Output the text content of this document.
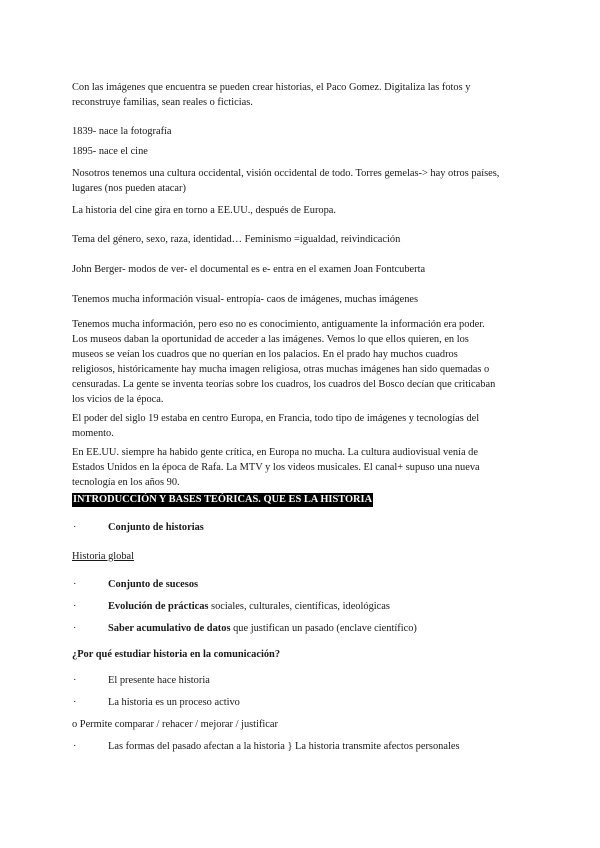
Con las imágenes que encuentra se pueden crear historias, el Paco Gomez. Digitaliza las fotos y
reconstruye familias, sean reales o ficticias.

1839- nace la fotografía

1895- nace el cine

Nosotros tenemos una cultura occidental, visión occidental de todo. Torres gemelas-> hay otros países,
lugares (nos pueden atacar)

La historia del cine gira en torno a EE.UU., después de Europa.

Tema del género, sexo, raza, identidad… Feminismo =igualdad, reivindicación

John Berger- modos de ver- el documental es e- entra en el examen Joan Fontcuberta

Tenemos mucha información visual- entropía- caos de imágenes, muchas imágenes

Tenemos mucha información, pero eso no es conocimiento, antiguamente la información era poder.
Los museos daban la oportunidad de acceder a las imágenes. Vemos lo que ellos quieren, en los
museos se veían los cuadros que no querían en los palacios. En el prado hay muchos cuadros
religiosos, históricamente hay mucha imagen religiosa, otras muchas imágenes han sido quemadas o
censuradas. La gente se inventa teorías sobre los cuadros, los cuadros del Bosco decían que criticaban
los vicios de la época.

El poder del siglo 19 estaba en centro Europa, en Francia, todo tipo de imágenes y tecnologías del
momento.

En EE.UU. siempre ha habido gente crítica, en Europa no mucha. La cultura audiovisual venía de
Estados Unidos en la época de Rafa. La MTV y los videos musicales. El canal+ supuso una nueva
tecnología en los años 90.

INTRODUCCIÓN Y BASES TEÓRICAS. QUE ES LA HISTORIA
·	Conjunto de historias
Historia global
·	Conjunto de sucesos
·	Evolución de prácticas sociales, culturales, científicas, ideológicas
·	Saber acumulativo de datos que justifican un pasado (enclave científico)
¿Por qué estudiar historia en la comunicación?
·	El presente hace historia
·	La historia es un proceso activo
o Permite comparar / rehacer / mejorar / justificar
·	Las formas del pasado afectan a la historia } La historia transmite afectos personales
